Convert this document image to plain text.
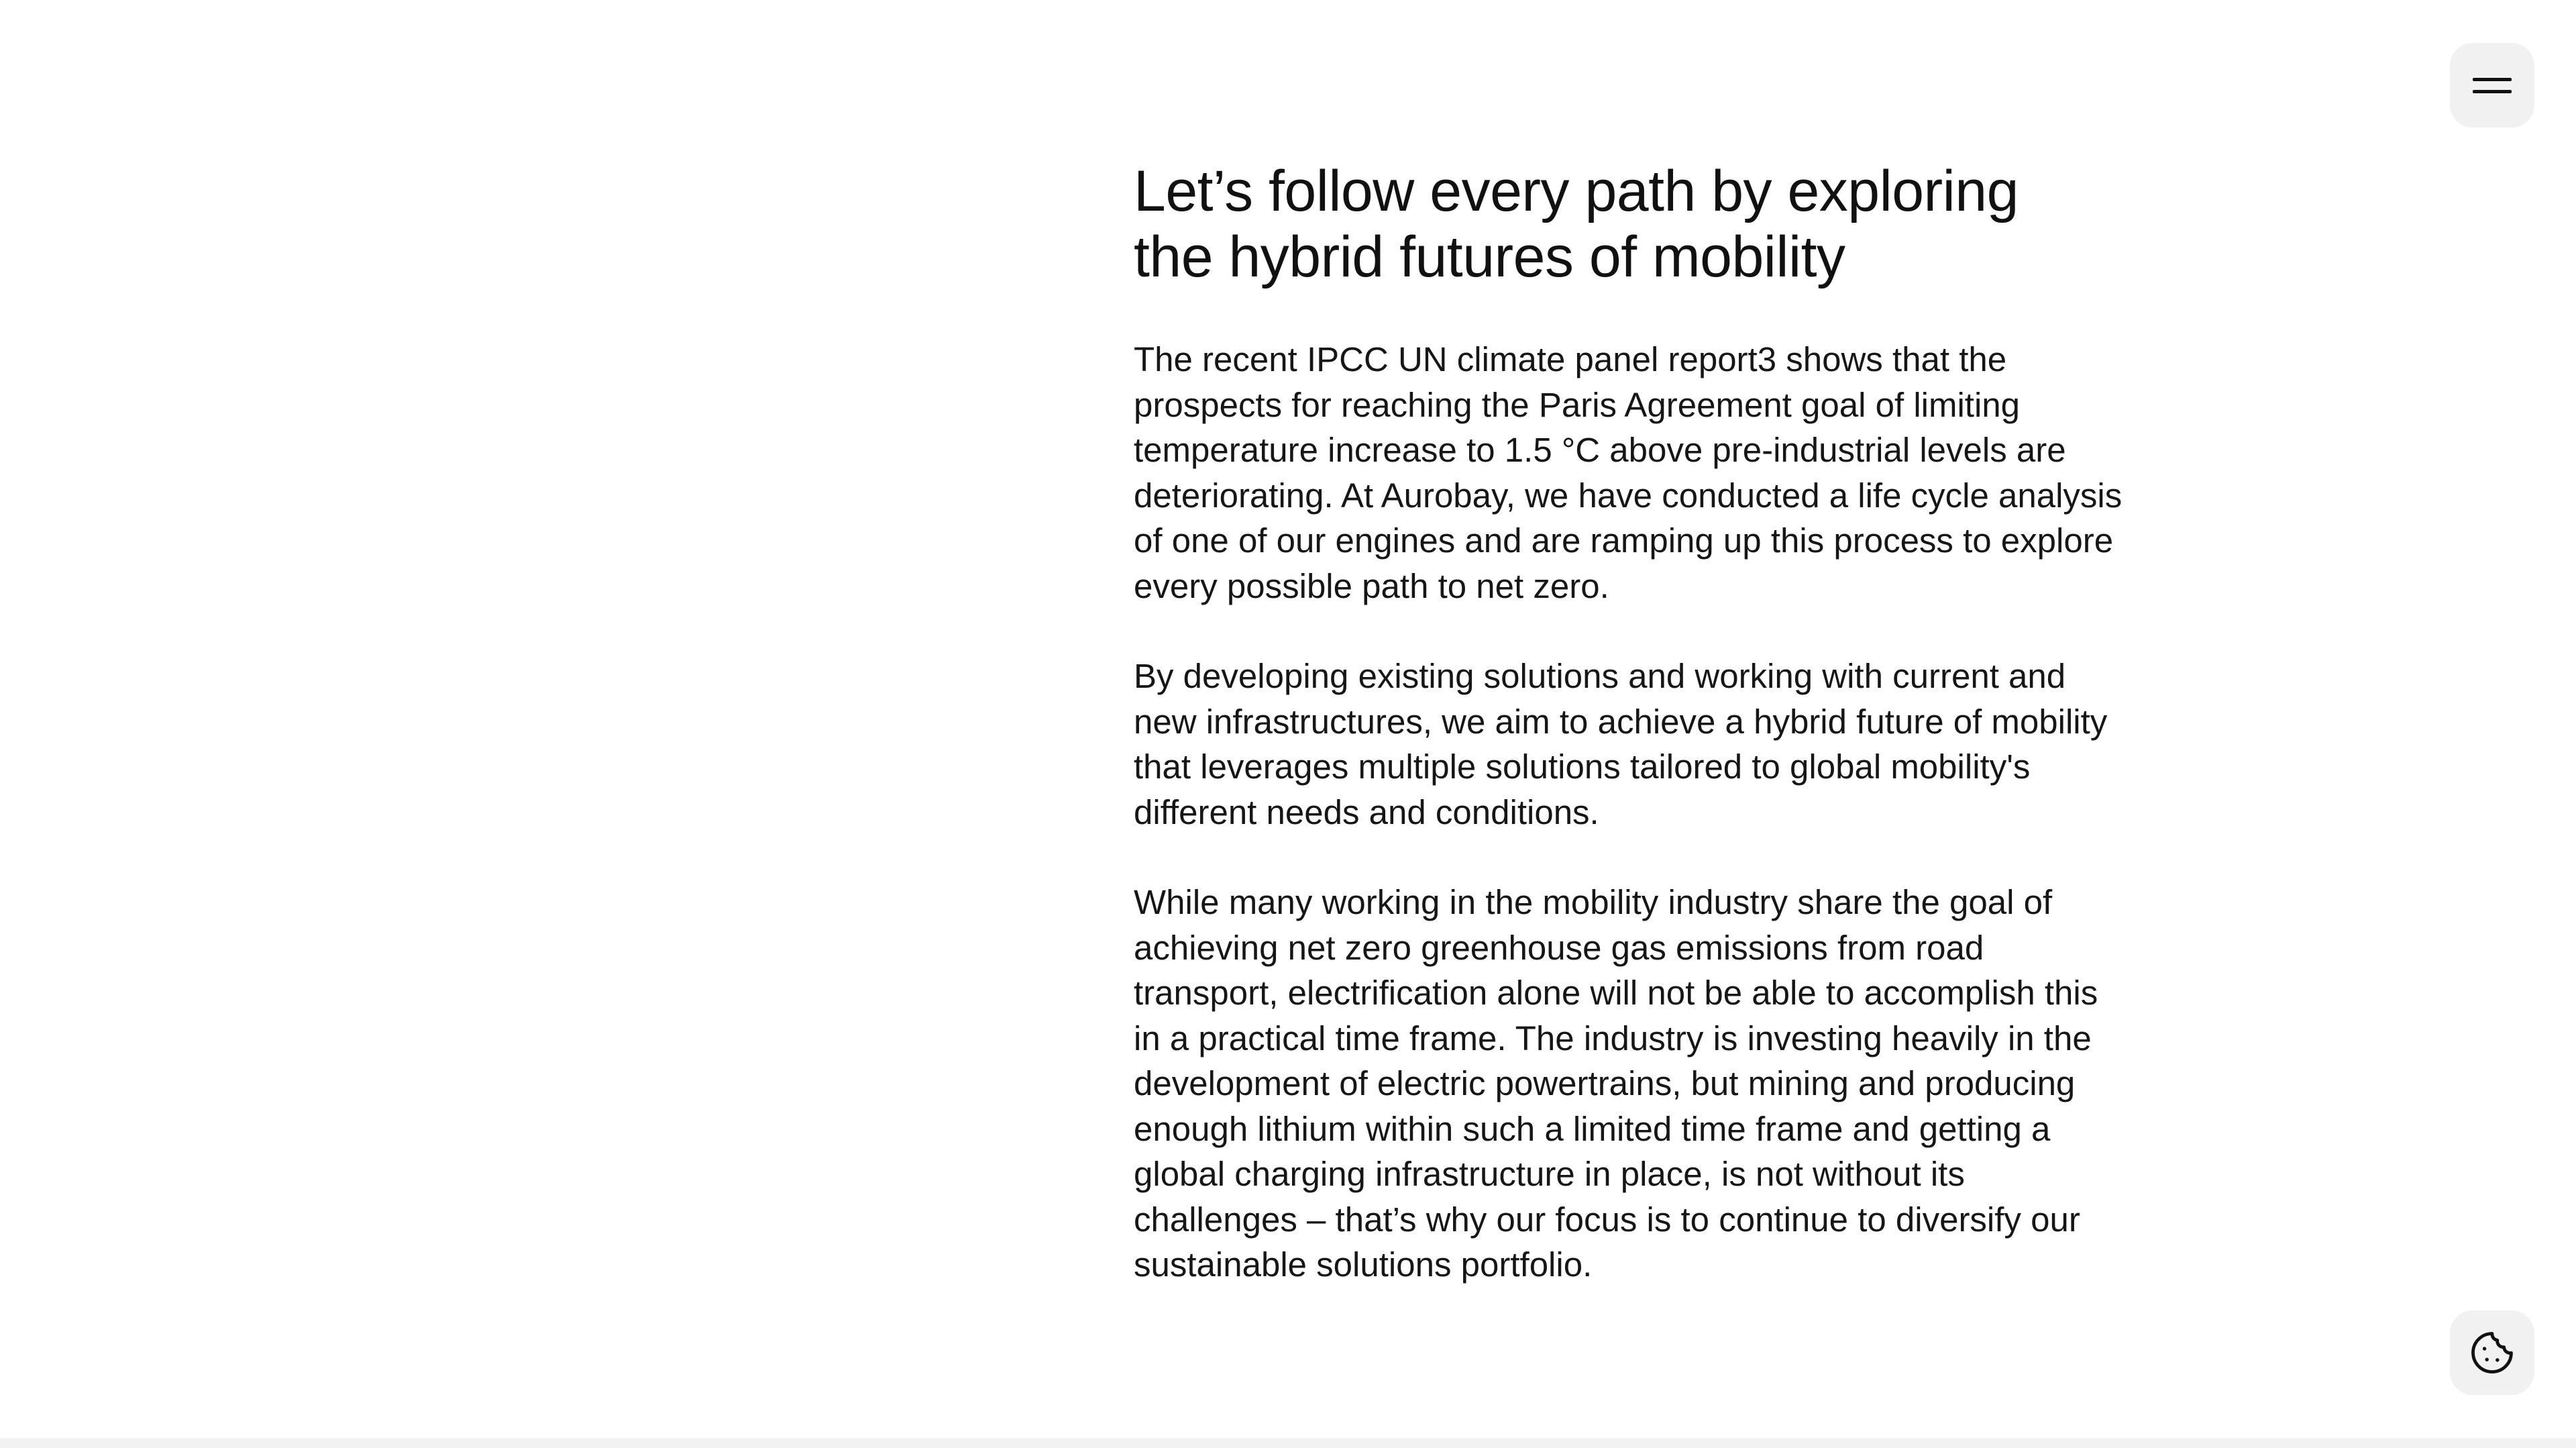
Let’s follow every path by exploring
the hybrid futures of mobility

The recent IPCC UN climate panel report3 shows that the prospects for reaching the Paris Agreement goal of limiting temperature increase to 1.5 °C above pre-industrial levels are deteriorating. At Aurobay, we have conducted a life cycle analysis of one of our engines and are ramping up this process to explore every possible path to net zero.

By developing existing solutions and working with current and new infrastructures, we aim to achieve a hybrid future of mobility that leverages multiple solutions tailored to global mobility's different needs and conditions.

While many working in the mobility industry share the goal of achieving net zero greenhouse gas emissions from road transport, electrification alone will not be able to accomplish this in a practical time frame. The industry is investing heavily in the development of electric powertrains, but mining and producing enough lithium within such a limited time frame and getting a global charging infrastructure in place, is not without its challenges – that’s why our focus is to continue to diversify our sustainable solutions portfolio.
